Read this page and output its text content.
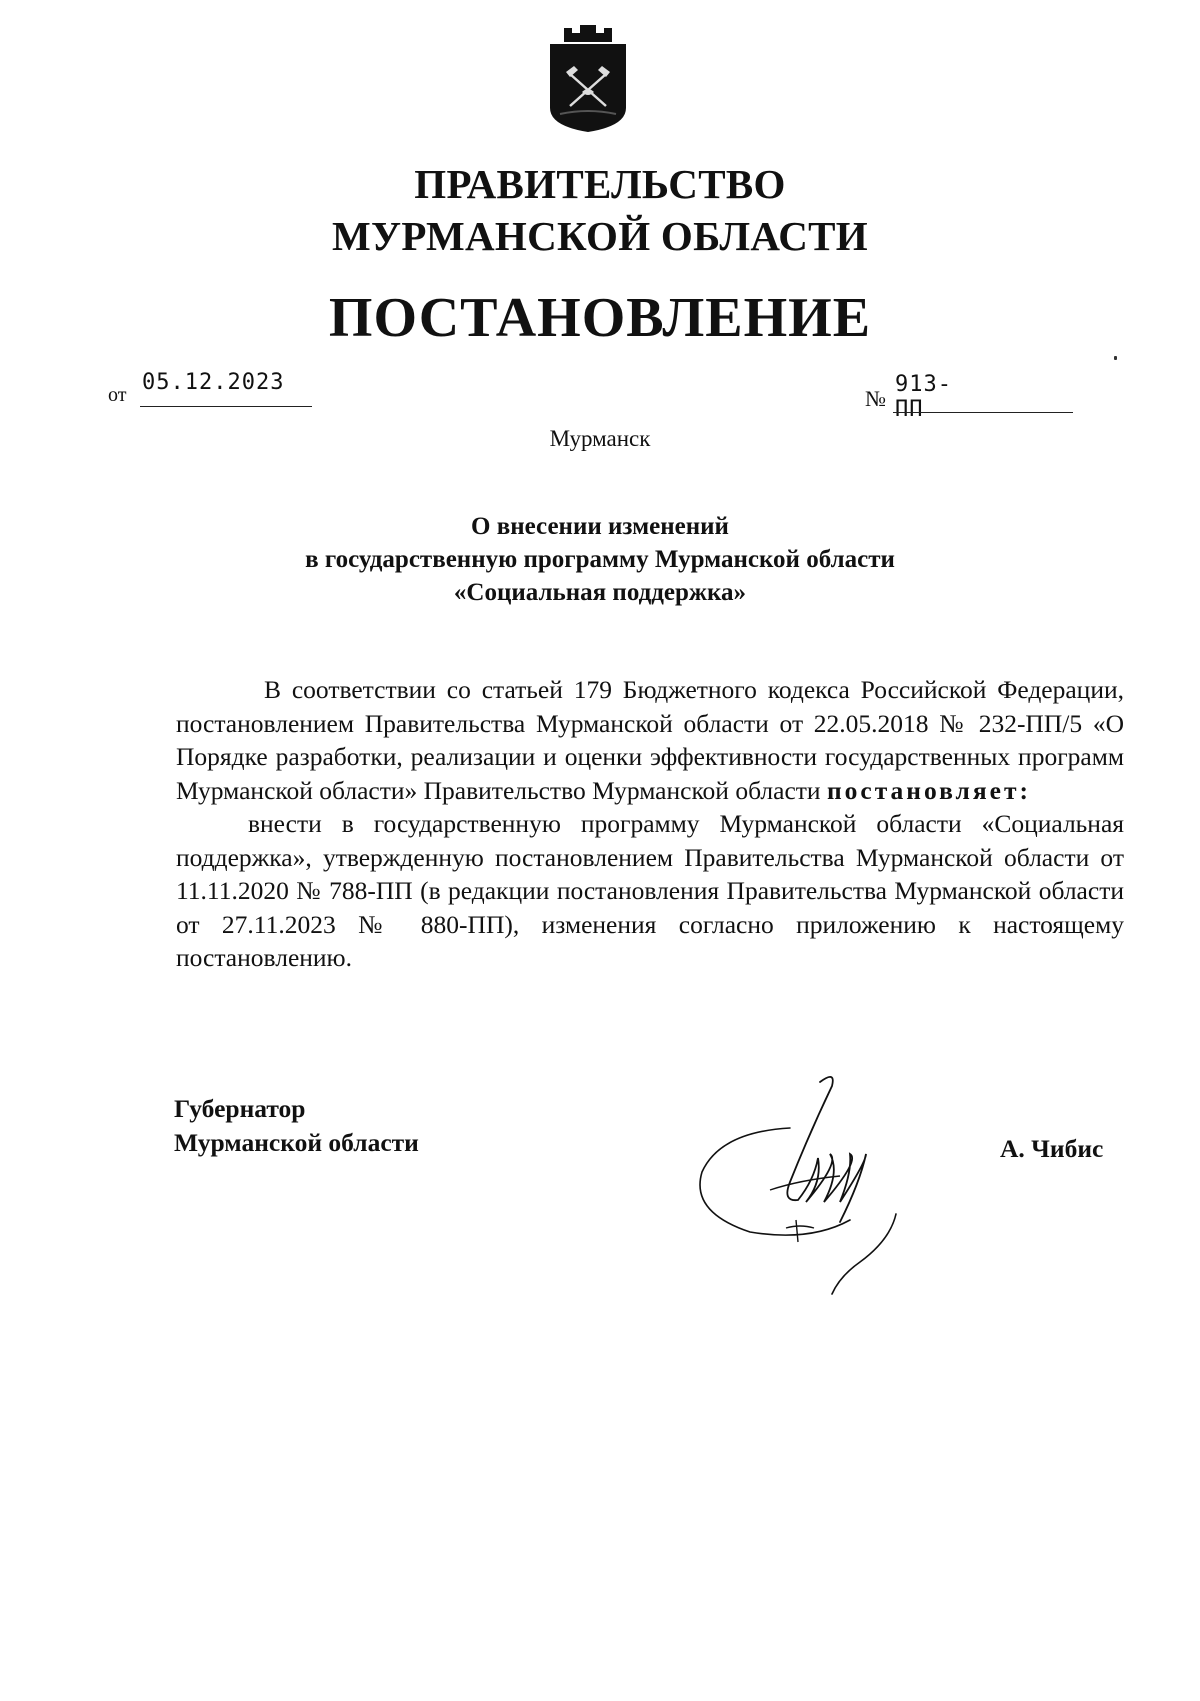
ПРАВИТЕЛЬСТВО
МУРМАНСКОЙ ОБЛАСТИ
ПОСТАНОВЛЕНИЕ
от 05.12.2023
№
913-ПП
Мурманск
О внесении изменений
в государственную программу Мурманской области
«Социальная поддержка»

В соответствии со статьей 179 Бюджетного кодекса Российской Федерации, постановлением Правительства Мурманской области от 22.05.2018 № 232-ПП/5 «О Порядке разработки, реализации и оценки эффективности государственных программ Мурманской области» Правительство Мурманской области постановляет:

внести в государственную программу Мурманской области «Социальная поддержка», утвержденную постановлением Правительства Мурманской области от 11.11.2020 № 788-ПП (в редакции постановления Правительства Мурманской области от 27.11.2023 № 880-ПП), изменения согласно приложению к настоящему постановлению.

Губернатор
Мурманской области	А. Чибис
